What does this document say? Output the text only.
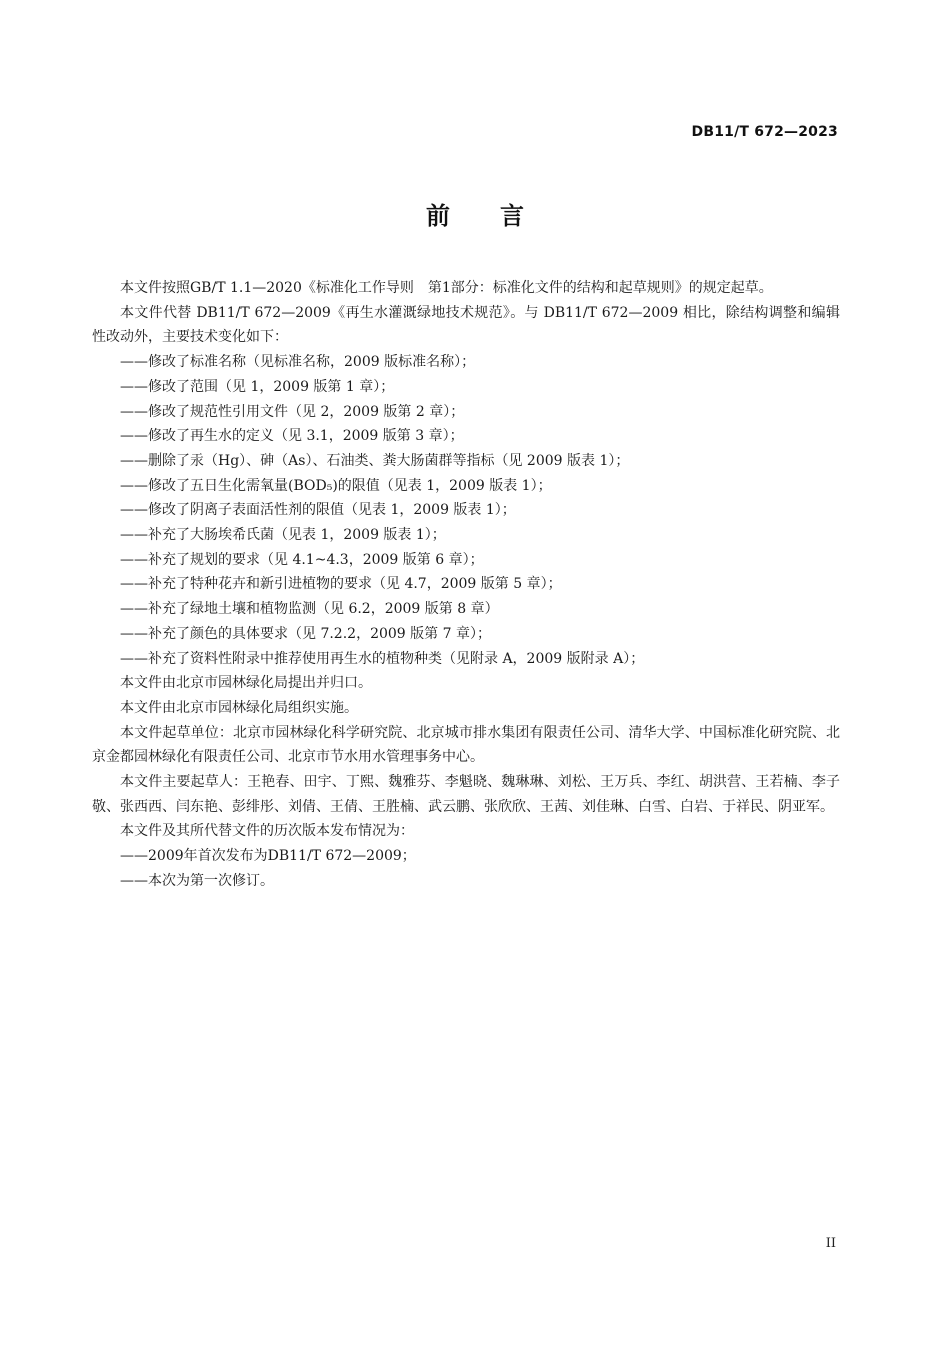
DB11/T 672—2023
前言

本文件按照GB/T 1.1—2020《标准化工作导则　第1部分：标准化文件的结构和起草规则》的规定起草。

本文件代替 DB11/T 672—2009《再生水灌溉绿地技术规范》。与 DB11/T 672—2009 相比，除结构调整和编辑性改动外，主要技术变化如下：

——修改了标准名称（见标准名称，2009 版标准名称）；

——修改了范围（见 1，2009 版第 1 章）；

——修改了规范性引用文件（见 2，2009 版第 2 章）；

——修改了再生水的定义（见 3.1，2009 版第 3 章）；

——删除了汞（Hg）、砷（As）、石油类、粪大肠菌群等指标（见 2009 版表 1）；

——修改了五日生化需氧量(BOD₅)的限值（见表 1，2009 版表 1）；

——修改了阴离子表面活性剂的限值（见表 1，2009 版表 1）；

——补充了大肠埃希氏菌（见表 1，2009 版表 1）；

——补充了规划的要求（见 4.1~4.3，2009 版第 6 章）；

——补充了特种花卉和新引进植物的要求（见 4.7，2009 版第 5 章）；

——补充了绿地土壤和植物监测（见 6.2，2009 版第 8 章）

——补充了颜色的具体要求（见 7.2.2，2009 版第 7 章）；

——补充了资料性附录中推荐使用再生水的植物种类（见附录 A，2009 版附录 A）；

本文件由北京市园林绿化局提出并归口。

本文件由北京市园林绿化局组织实施。

本文件起草单位：北京市园林绿化科学研究院、北京城市排水集团有限责任公司、清华大学、中国标准化研究院、北京金都园林绿化有限责任公司、北京市节水用水管理事务中心。

本文件主要起草人：王艳春、田宇、丁熙、魏雅芬、李魁晓、魏琳琳、刘松、王万兵、李红、胡洪营、王若楠、李子敬、张西西、闫东艳、彭绯彤、刘倩、王倩、王胜楠、武云鹏、张欣欣、王茜、刘佳琳、白雪、白岩、于祥民、阴亚军。

本文件及其所代替文件的历次版本发布情况为：

——2009年首次发布为DB11/T 672—2009；

——本次为第一次修订。

II
